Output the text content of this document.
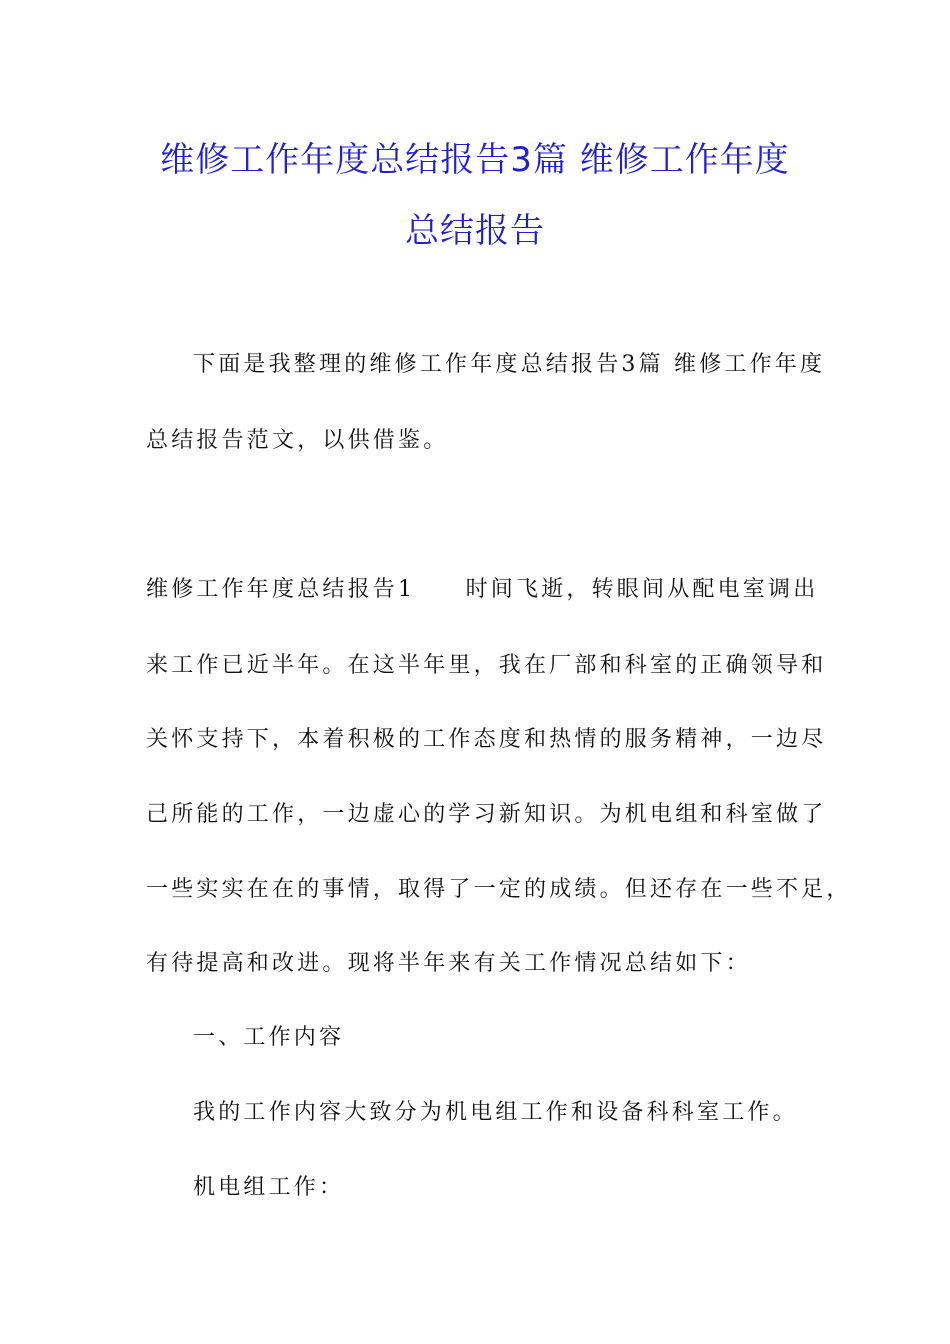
维修工作年度总结报告3篇 维修工作年度
总结报告
下面是我整理的维修工作年度总结报告3篇 维修工作年度
总结报告范文，以供借鉴。
维修工作年度总结报告1　　时间飞逝，转眼间从配电室调出
来工作已近半年。在这半年里，我在厂部和科室的正确领导和
关怀支持下，本着积极的工作态度和热情的服务精神，一边尽
己所能的工作，一边虚心的学习新知识。为机电组和科室做了
一些实实在在的事情，取得了一定的成绩。但还存在一些不足，
有待提高和改进。现将半年来有关工作情况总结如下：
一、工作内容
我的工作内容大致分为机电组工作和设备科科室工作。
机电组工作：
